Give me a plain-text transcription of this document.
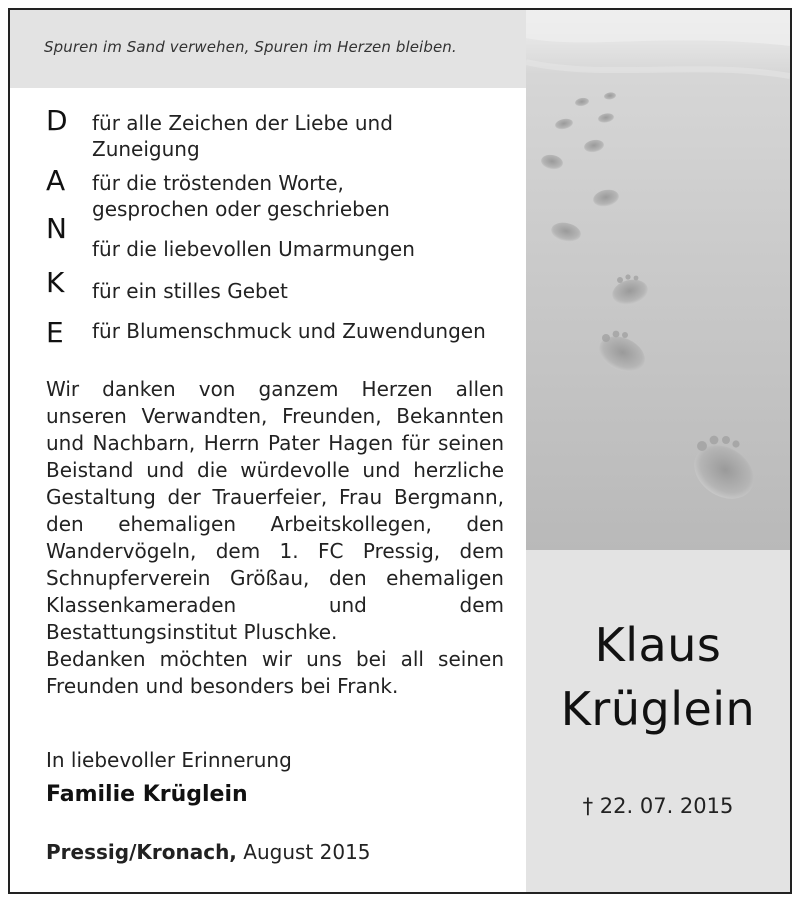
Spuren im Sand verwehen, Spuren im Herzen bleiben.
D für alle Zeichen der Liebe und
Zuneigung
A für die tröstenden Worte,
gesprochen oder geschrieben
N
für die liebevollen Umarmungen
K für ein stilles Gebet
E für Blumenschmuck und Zuwendungen

Wir danken von ganzem Herzen allen unseren Verwandten, Freunden, Bekannten und Nachbarn, Herrn Pater Hagen für seinen Beistand und die würdevolle und herzliche Gestaltung der Trauerfeier, Frau Bergmann, den ehemaligen Arbeitskollegen, den Wandervögeln, dem 1. FC Pressig, dem Schnupferverein Größau, den ehemaligen Klassenkameraden und dem Bestattungsinstitut Pluschke.

Bedanken möchten wir uns bei all seinen Freunden und besonders bei Frank.

In liebevoller Erinnerung
Familie Krüglein
Pressig/Kronach, August 2015
Klaus
Krüglein
† 22. 07. 2015
